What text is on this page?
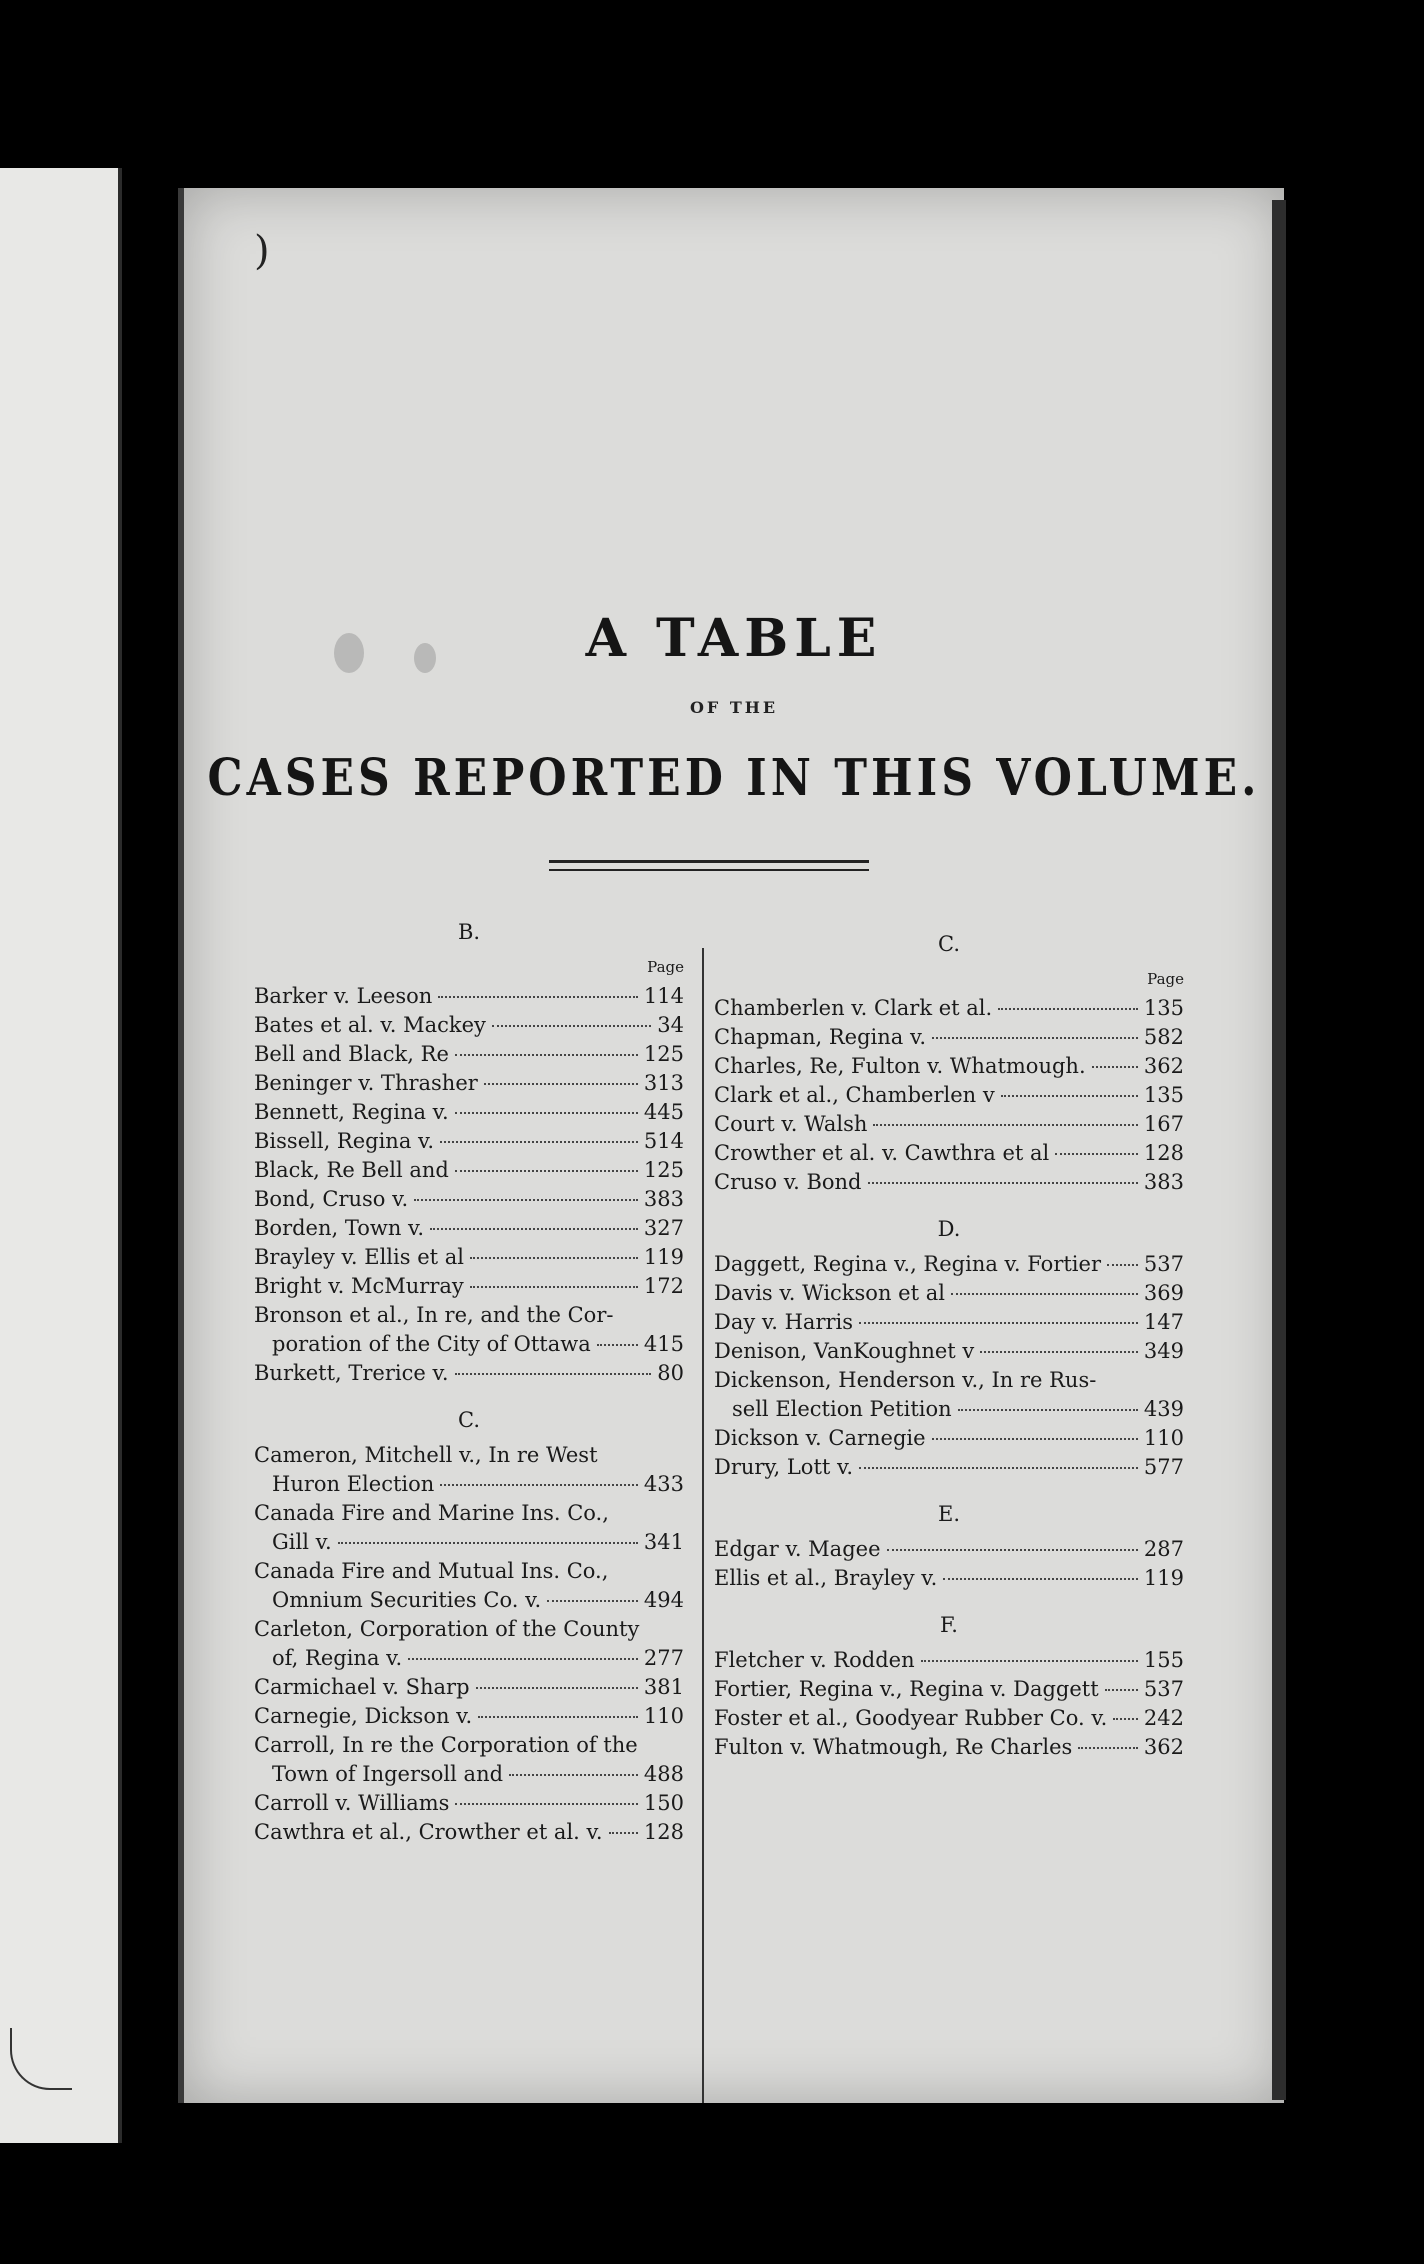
)
A TABLE
OF THE
CASES REPORTED IN THIS VOLUME.
B.
Page
Barker v. Leeson	114
Bates et al. v. Mackey	34
Bell and Black, Re	125
Beninger v. Thrasher	313
Bennett, Regina v.	445
Bissell, Regina v.	514
Black, Re Bell and	125
Bond, Cruso v.	383
Borden, Town v.	327
Brayley v. Ellis et al	119
Bright v. McMurray	172
Bronson et al., In re, and the Cor-
poration of the City of Ottawa	415
Burkett, Trerice v.	80
C.
Cameron, Mitchell v., In re West
Huron Election	433
Canada Fire and Marine Ins. Co.,
Gill v.	341
Canada Fire and Mutual Ins. Co.,
Omnium Securities Co. v.	494
Carleton, Corporation of the County
of, Regina v.	277
Carmichael v. Sharp	381
Carnegie, Dickson v.	110
Carroll, In re the Corporation of the
Town of Ingersoll and	488
Carroll v. Williams	150
Cawthra et al., Crowther et al. v. 128
C.
Page
Chamberlen v. Clark et al.	135
Chapman, Regina v.	582
Charles, Re, Fulton v. Whatmough.	362
Clark et al., Chamberlen v	135
Court v. Walsh	167
Crowther et al. v. Cawthra et al	128
Cruso v. Bond	383
D.
Daggett, Regina v., Regina v. Fortier 537
Davis v. Wickson et al	369
Day v. Harris	147
Denison, VanKoughnet v	349
Dickenson, Henderson v., In re Rus-
sell Election Petition	439
Dickson v. Carnegie	110
Drury, Lott v.	577
E.
Edgar v. Magee	287
Ellis et al., Brayley v.	119
F.
Fletcher v. Rodden	155
Fortier, Regina v., Regina v. Daggett 537
Foster et al., Goodyear Rubber Co. v. 242
Fulton v. Whatmough, Re Charles	362
